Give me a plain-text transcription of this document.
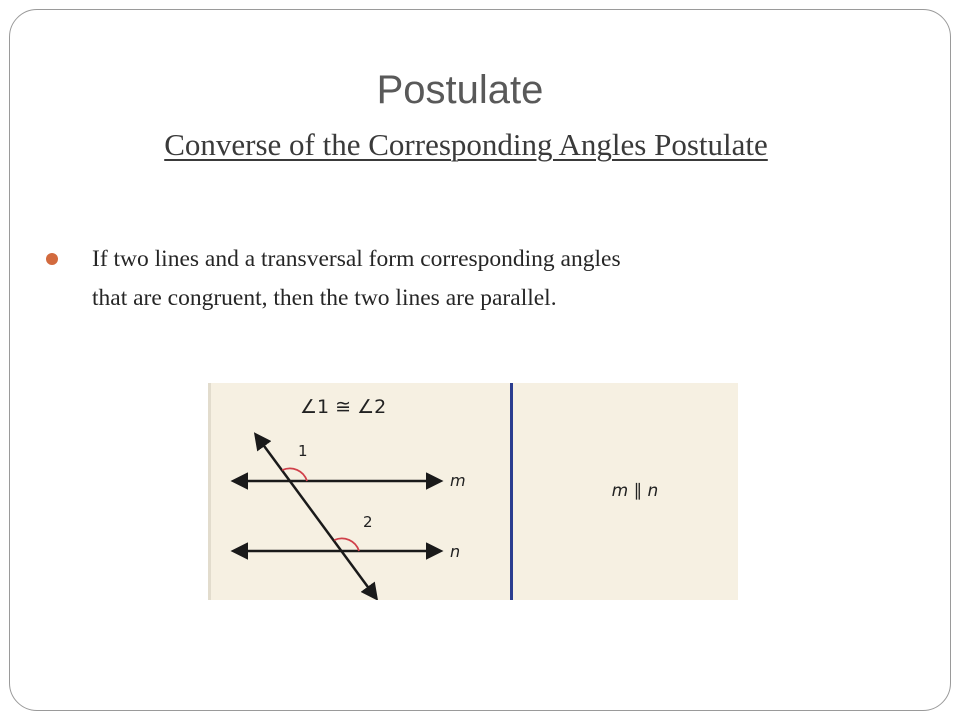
Postulate
Converse of the Corresponding Angles Postulate
If two lines and a transversal form corresponding angles
that are congruent, then the two lines are parallel.
∠1 ≅ ∠2
1
2
m
n
m ∥ n
